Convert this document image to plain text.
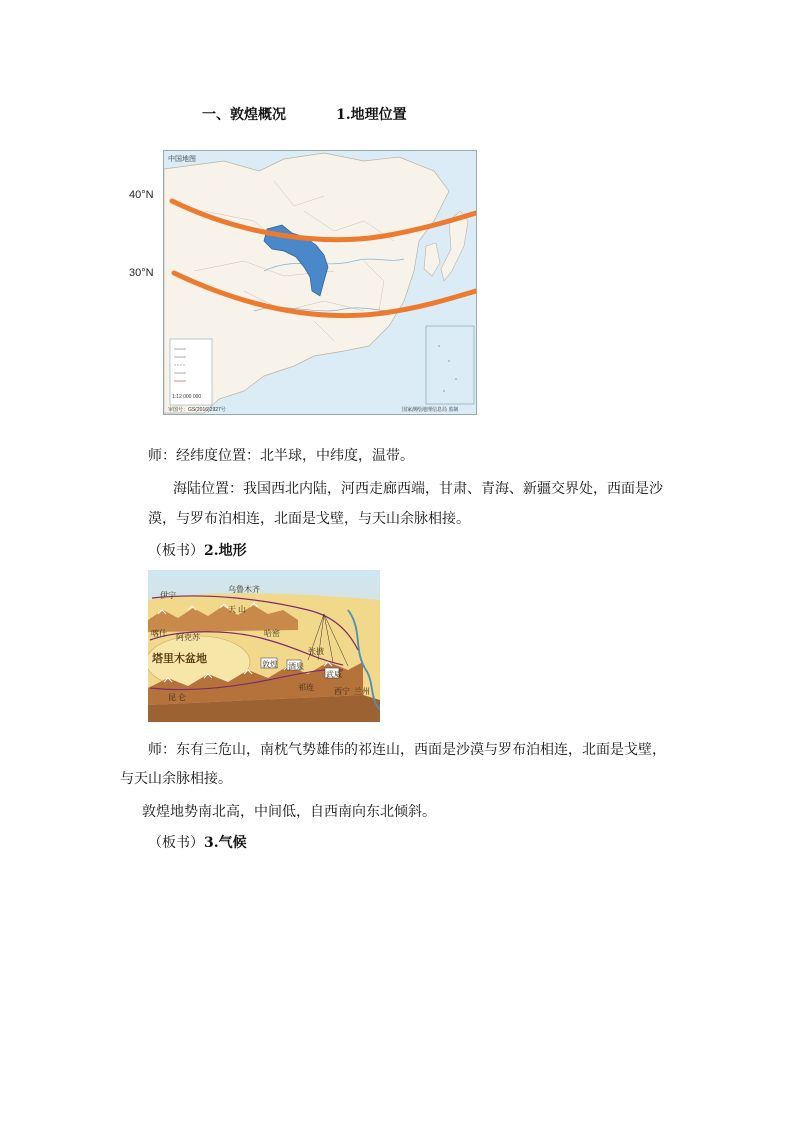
一、敦煌概况	1.地理位置
40°N
30°N
中国地图
1:12 000 000
审图号：GS(2016)2927号	国家测绘地理信息局 监制
师：经纬度位置：北半球，中纬度，温带。
海陆位置：我国西北内陆，河西走廊西端，甘肃、青海、新疆交界处，西面是沙
漠，与罗布泊相连，北面是戈壁，与天山余脉相接。
（板书）2.地形
塔里木盆地
乌鲁木齐
伊宁
阿克苏
喀什	哈密
敦煌 酒泉
张掖
武威
兰州
西宁
天 山
昆 仑
祁连
师：东有三危山，南枕气势雄伟的祁连山，西面是沙漠与罗布泊相连，北面是戈壁，
与天山余脉相接。
敦煌地势南北高，中间低，自西南向东北倾斜。
（板书）3.气候
